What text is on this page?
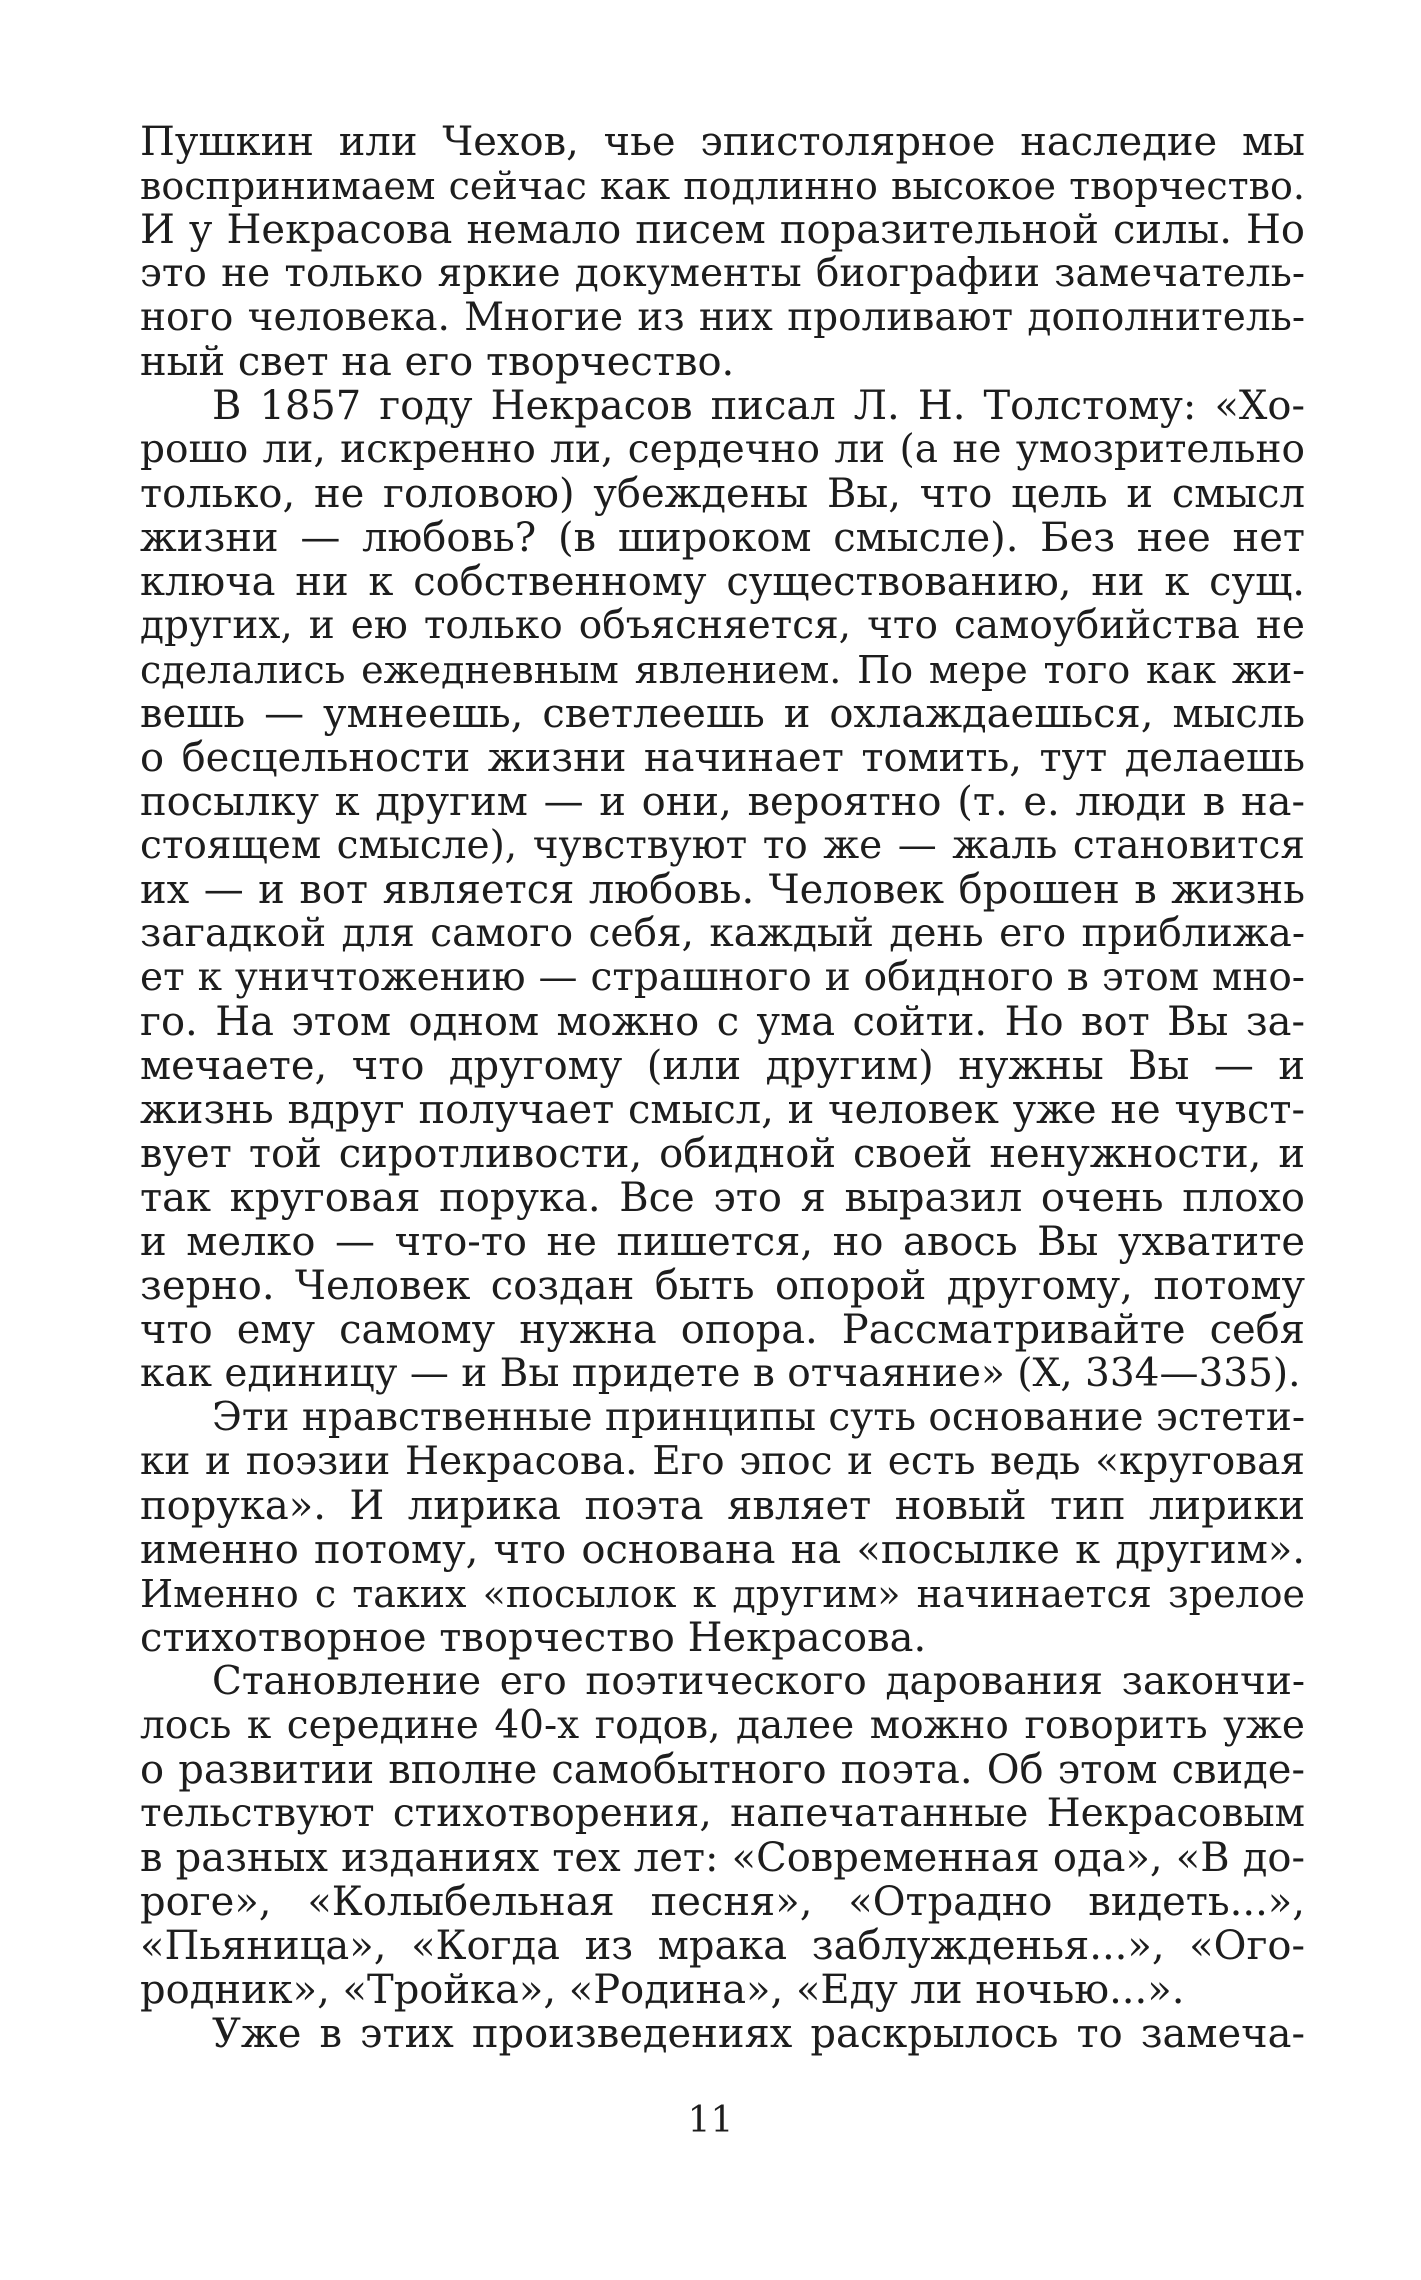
Пушкин или Чехов, чье эпистолярное наследие мы
воспринимаем сейчас как подлинно высокое творчество.
И у Некрасова немало писем поразительной силы. Но
это не только яркие документы биографии замечатель-
ного человека. Многие из них проливают дополнитель-
ный свет на его творчество.
В 1857 году Некрасов писал Л. Н. Толстому: «Хо-
рошо ли, искренно ли, сердечно ли (а не умозрительно
только, не головою) убеждены Вы, что цель и смысл
жизни — любовь? (в широком смысле). Без нее нет
ключа ни к собственному существованию, ни к сущ.
других, и ею только объясняется, что самоубийства не
сделались ежедневным явлением. По мере того как жи-
вешь — умнеешь, светлеешь и охлаждаешься, мысль
о бесцельности жизни начинает томить, тут делаешь
посылку к другим — и они, вероятно (т. е. люди в на-
стоящем смысле), чувствуют то же — жаль становится
их — и вот является любовь. Человек брошен в жизнь
загадкой для самого себя, каждый день его приближа-
ет к уничтожению — страшного и обидного в этом мно-
го. На этом одном можно с ума сойти. Но вот Вы за-
мечаете, что другому (или другим) нужны Вы — и
жизнь вдруг получает смысл, и человек уже не чувст-
вует той сиротливости, обидной своей ненужности, и
так круговая порука. Все это я выразил очень плохо
и мелко — что-то не пишется, но авось Вы ухватите
зерно. Человек создан быть опорой другому, потому
что ему самому нужна опора. Рассматривайте себя
как единицу — и Вы придете в отчаяние» (X, 334—335).
Эти нравственные принципы суть основание эстети-
ки и поэзии Некрасова. Его эпос и есть ведь «круговая
порука». И лирика поэта являет новый тип лирики
именно потому, что основана на «посылке к другим».
Именно с таких «посылок к другим» начинается зрелое
стихотворное творчество Некрасова.
Становление его поэтического дарования закончи-
лось к середине 40-х годов, далее можно говорить уже
о развитии вполне самобытного поэта. Об этом свиде-
тельствуют стихотворения, напечатанные Некрасовым
в разных изданиях тех лет: «Современная ода», «В до-
роге», «Колыбельная песня», «Отрадно видеть...»,
«Пьяница», «Когда из мрака заблужденья...», «Ого-
родник», «Тройка», «Родина», «Еду ли ночью...».
Уже в этих произведениях раскрылось то замеча-
11
